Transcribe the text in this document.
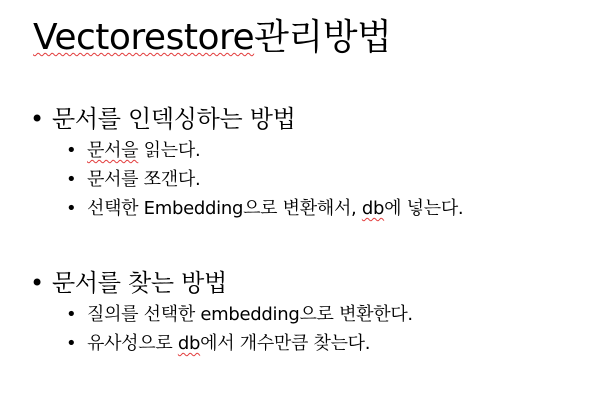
Vectorestore관리방법
• 문서를 인덱싱하는 방법
• 문서을 읽는다.
• 문서를 쪼갠다.
• 선택한 Embedding으로 변환해서, db에 넣는다.
• 문서를 찾는 방법
• 질의를 선택한 embedding으로 변환한다.
• 유사성으로 db에서 개수만큼 찾는다.
